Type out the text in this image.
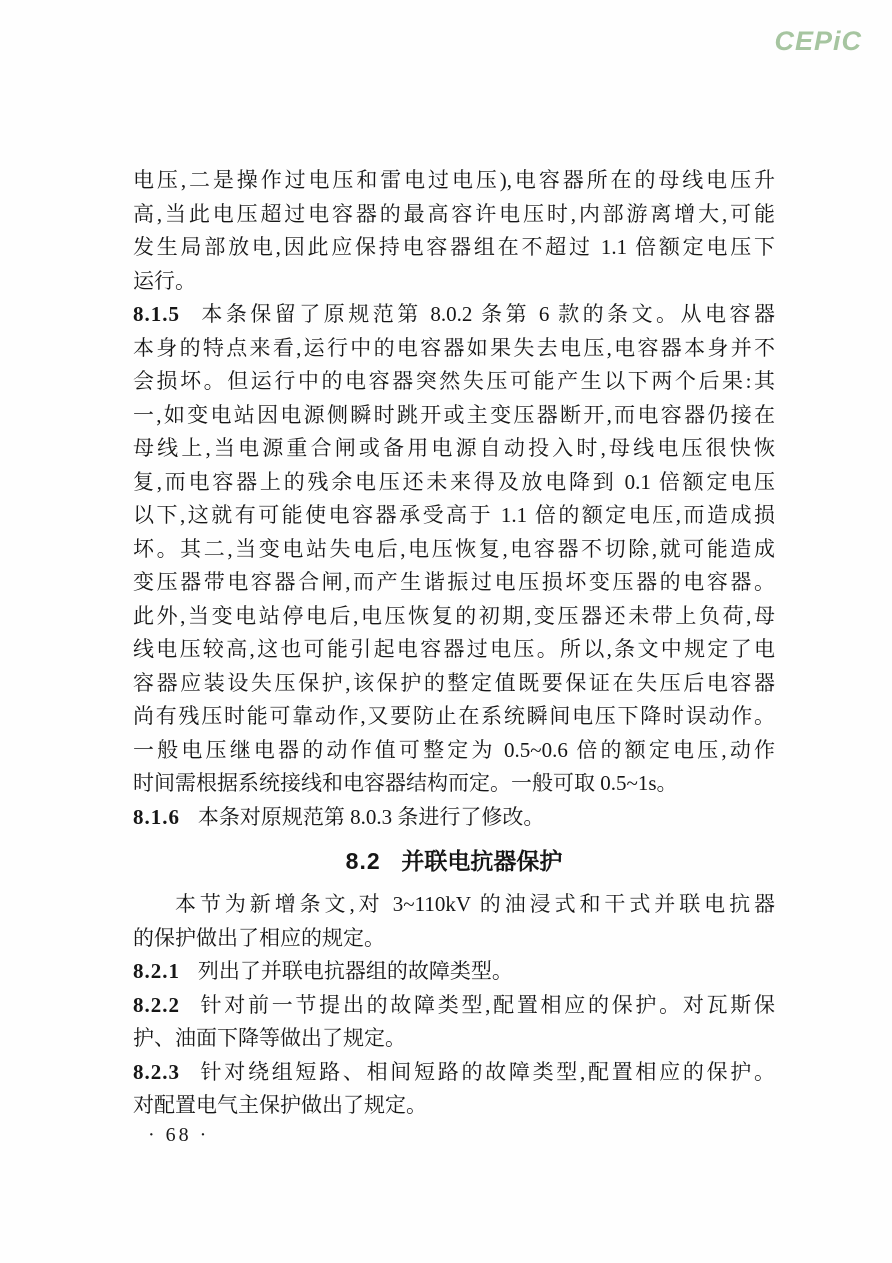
CEPiC
电压,二是操作过电压和雷电过电压),电容器所在的母线电压升
高,当此电压超过电容器的最高容许电压时,内部游离增大,可能
发生局部放电,因此应保持电容器组在不超过 1.1 倍额定电压下
运行。
8.1.5 本条保留了原规范第 8.0.2 条第 6 款的条文。从电容器
本身的特点来看,运行中的电容器如果失去电压,电容器本身并不
会损坏。但运行中的电容器突然失压可能产生以下两个后果:其
一,如变电站因电源侧瞬时跳开或主变压器断开,而电容器仍接在
母线上,当电源重合闸或备用电源自动投入时,母线电压很快恢
复,而电容器上的残余电压还未来得及放电降到 0.1 倍额定电压
以下,这就有可能使电容器承受高于 1.1 倍的额定电压,而造成损
坏。其二,当变电站失电后,电压恢复,电容器不切除,就可能造成
变压器带电容器合闸,而产生谐振过电压损坏变压器的电容器。
此外,当变电站停电后,电压恢复的初期,变压器还未带上负荷,母
线电压较高,这也可能引起电容器过电压。所以,条文中规定了电
容器应装设失压保护,该保护的整定值既要保证在失压后电容器
尚有残压时能可靠动作,又要防止在系统瞬间电压下降时误动作。
一般电压继电器的动作值可整定为 0.5~0.6 倍的额定电压,动作
时间需根据系统接线和电容器结构而定。一般可取 0.5~1s。
8.1.6 本条对原规范第 8.0.3 条进行了修改。
8.2 并联电抗器保护
本节为新增条文,对 3~110kV 的油浸式和干式并联电抗器
的保护做出了相应的规定。
8.2.1 列出了并联电抗器组的故障类型。
8.2.2 针对前一节提出的故障类型,配置相应的保护。对瓦斯保
护、油面下降等做出了规定。
8.2.3 针对绕组短路、相间短路的故障类型,配置相应的保护。
对配置电气主保护做出了规定。
· 68 ·
